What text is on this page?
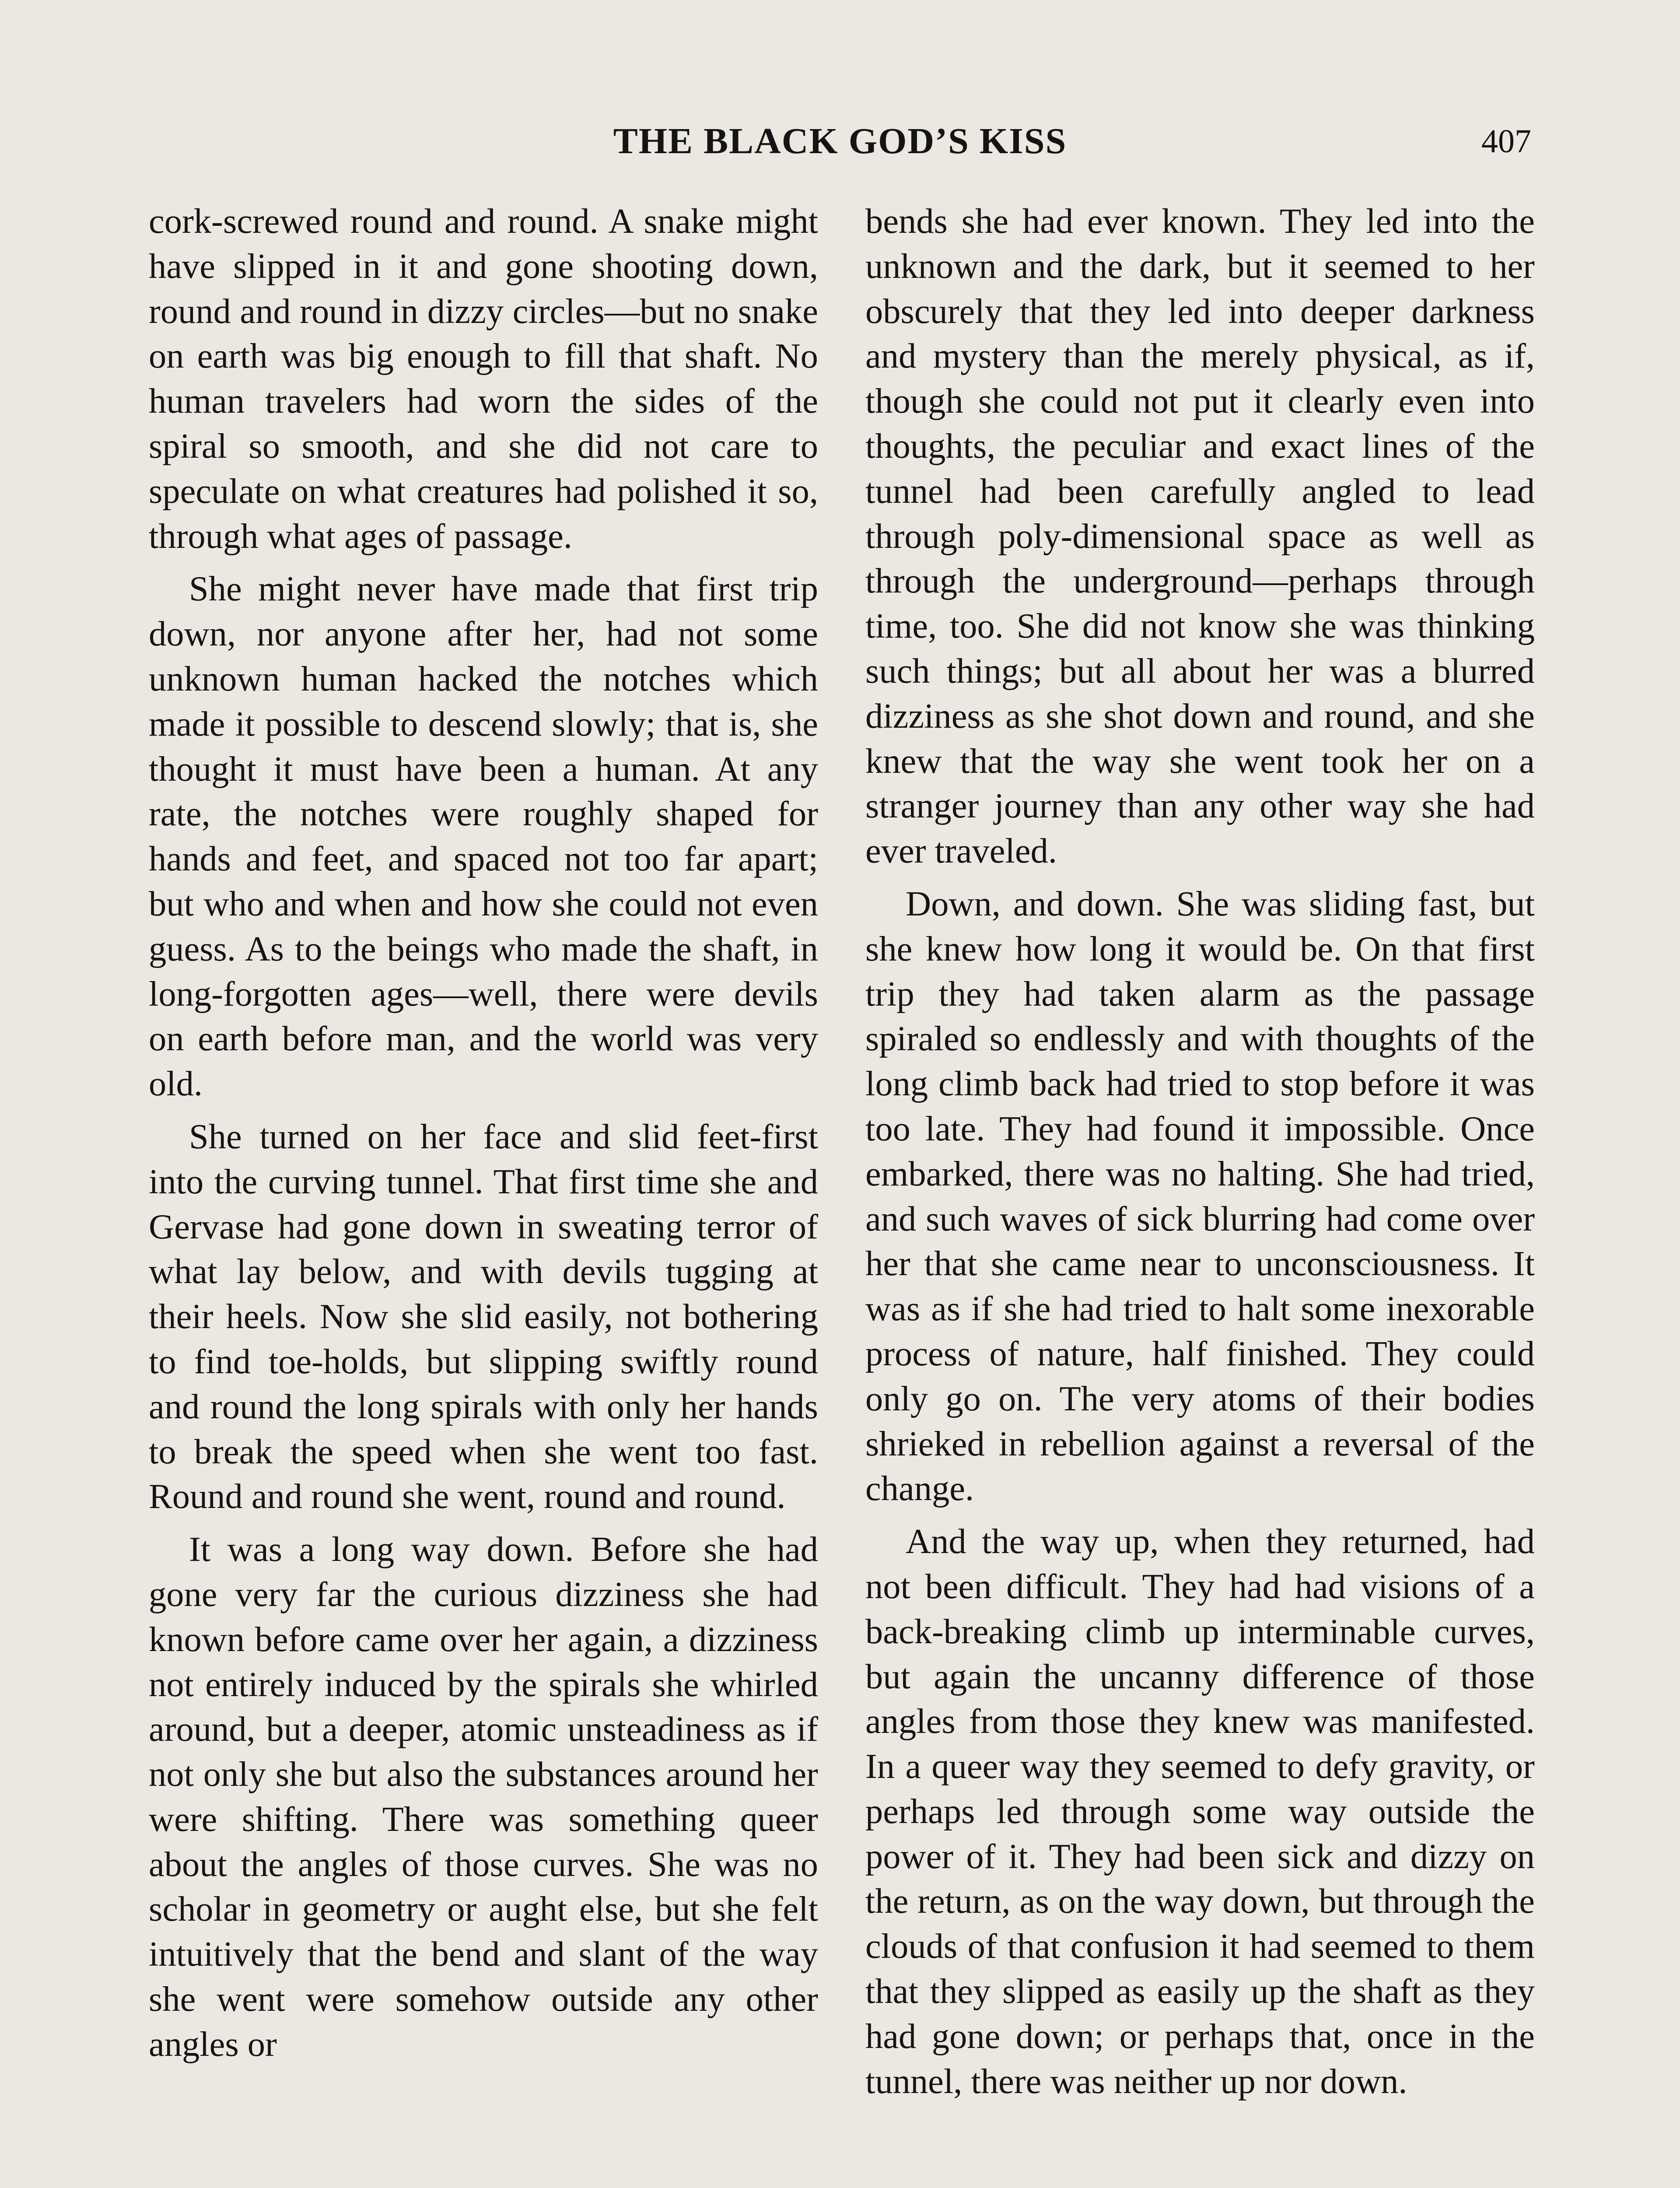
THE BLACK GOD’S KISS	407

cork-screwed round and round. A snake might have slipped in it and gone shooting down, round and round in dizzy circles—but no snake on earth was big enough to fill that shaft. No human travelers had worn the sides of the spiral so smooth, and she did not care to speculate on what creatures had polished it so, through what ages of passage.

She might never have made that first trip down, nor anyone after her, had not some unknown human hacked the notches which made it possible to descend slowly; that is, she thought it must have been a human. At any rate, the notches were roughly shaped for hands and feet, and spaced not too far apart; but who and when and how she could not even guess. As to the beings who made the shaft, in long-forgotten ages—well, there were devils on earth before man, and the world was very old.

She turned on her face and slid feet-first into the curving tunnel. That first time she and Gervase had gone down in sweating terror of what lay below, and with devils tugging at their heels. Now she slid easily, not bothering to find toe-holds, but slipping swiftly round and round the long spirals with only her hands to break the speed when she went too fast. Round and round she went, round and round.

It was a long way down. Before she had gone very far the curious dizziness she had known before came over her again, a dizziness not entirely induced by the spirals she whirled around, but a deeper, atomic unsteadiness as if not only she but also the substances around her were shifting. There was something queer about the angles of those curves. She was no scholar in geometry or aught else, but she felt intuitively that the bend and slant of the way she went were somehow outside any other angles or

bends she had ever known. They led into the unknown and the dark, but it seemed to her obscurely that they led into deeper darkness and mystery than the merely physical, as if, though she could not put it clearly even into thoughts, the peculiar and exact lines of the tunnel had been carefully angled to lead through poly-dimensional space as well as through the underground—perhaps through time, too. She did not know she was thinking such things; but all about her was a blurred dizziness as she shot down and round, and she knew that the way she went took her on a stranger journey than any other way she had ever traveled.

Down, and down. She was sliding fast, but she knew how long it would be. On that first trip they had taken alarm as the passage spiraled so endlessly and with thoughts of the long climb back had tried to stop before it was too late. They had found it impossible. Once embarked, there was no halting. She had tried, and such waves of sick blurring had come over her that she came near to unconsciousness. It was as if she had tried to halt some inexorable process of nature, half finished. They could only go on. The very atoms of their bodies shrieked in rebellion against a reversal of the change.

And the way up, when they returned, had not been difficult. They had had visions of a back-breaking climb up interminable curves, but again the uncanny difference of those angles from those they knew was manifested. In a queer way they seemed to defy gravity, or perhaps led through some way outside the power of it. They had been sick and dizzy on the return, as on the way down, but through the clouds of that confusion it had seemed to them that they slipped as easily up the shaft as they had gone down; or perhaps that, once in the tunnel, there was neither up nor down.
